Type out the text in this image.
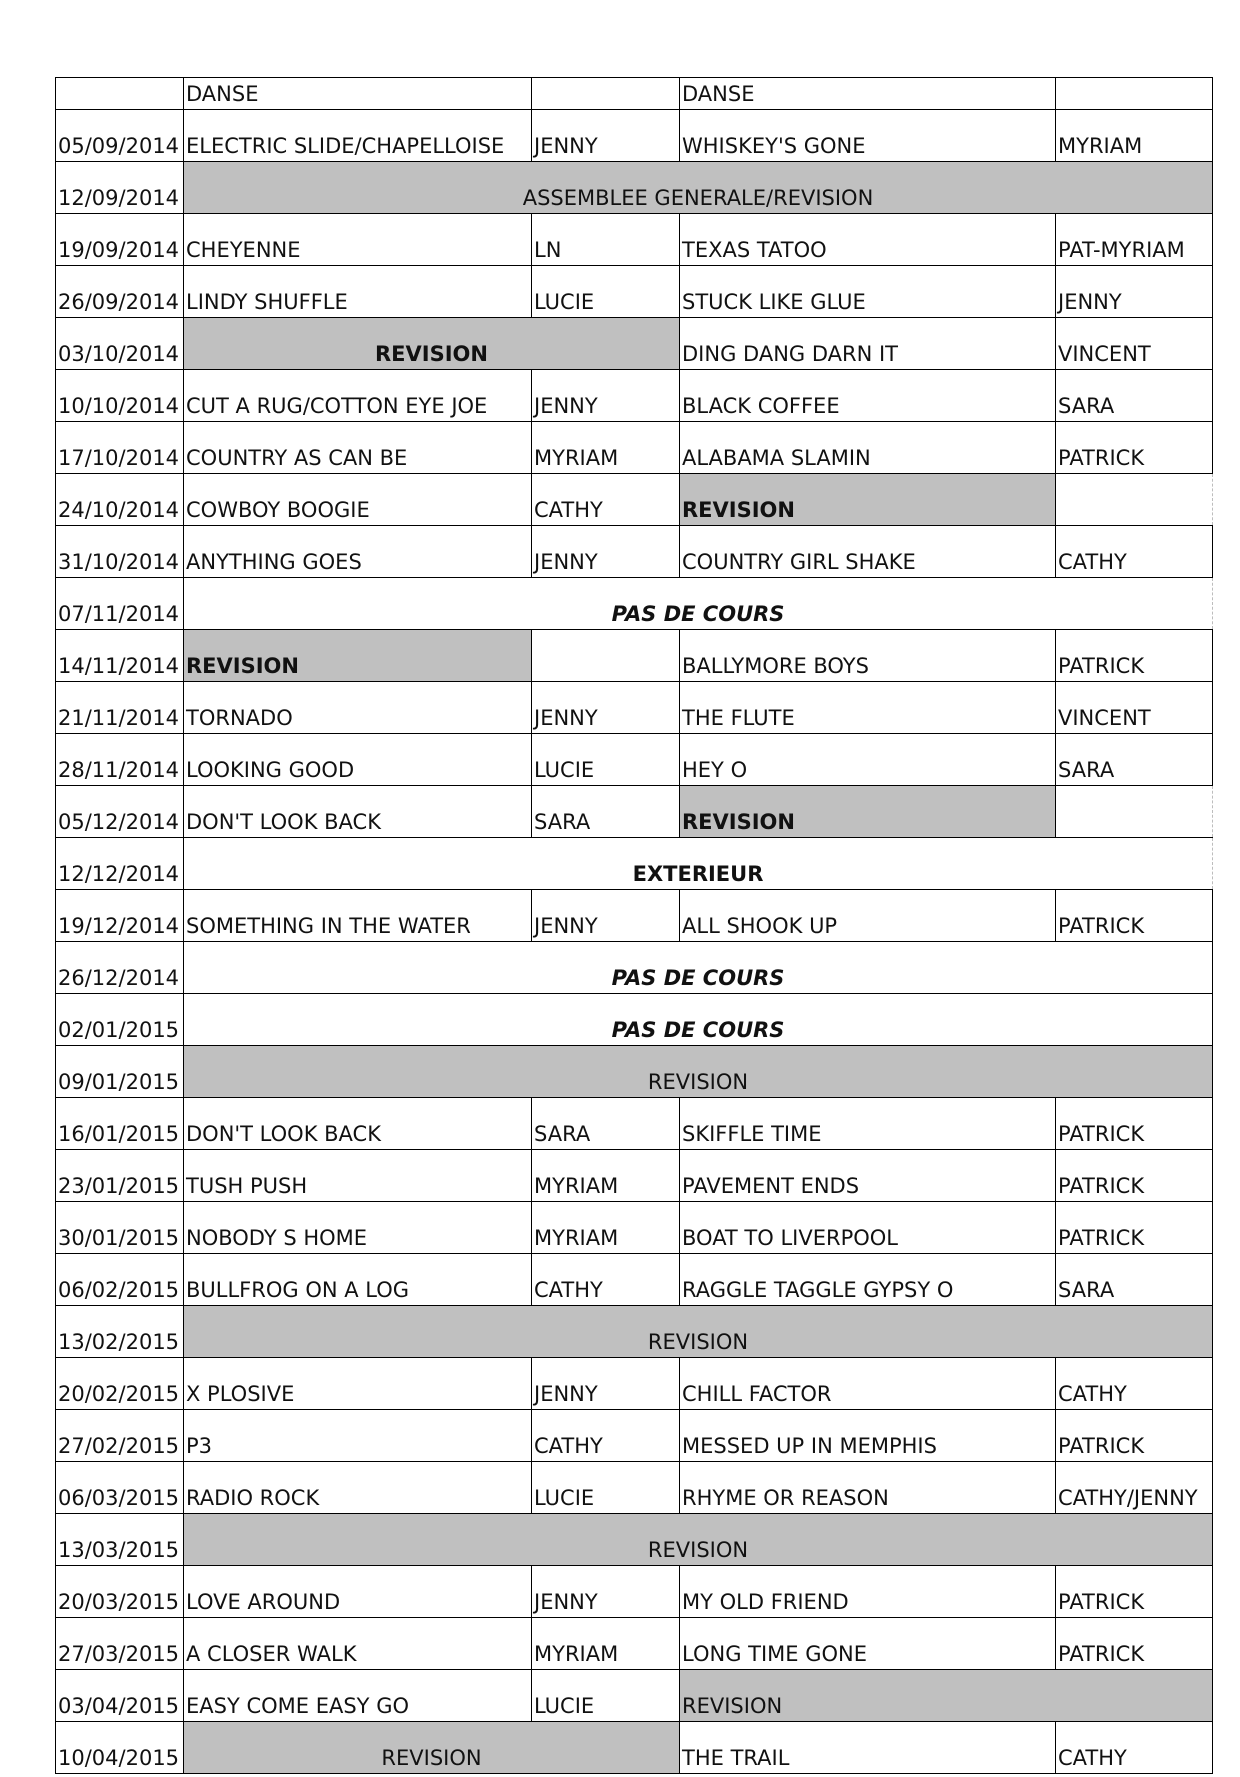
	DANSE		DANSE	
05/09/2014	ELECTRIC SLIDE/CHAPELLOISE	JENNY	WHISKEY'S GONE	MYRIAM
12/09/2014	ASSEMBLEE GENERALE/REVISION			
19/09/2014	CHEYENNE	LN	TEXAS TATOO	PAT-MYRIAM
26/09/2014	LINDY SHUFFLE	LUCIE	STUCK LIKE GLUE	JENNY
03/10/2014	REVISION		DING DANG DARN IT	VINCENT
10/10/2014	CUT A RUG/COTTON EYE JOE	JENNY	BLACK COFFEE	SARA
17/10/2014	COUNTRY AS CAN BE	MYRIAM	ALABAMA SLAMIN	PATRICK
24/10/2014	COWBOY BOOGIE	CATHY	REVISION	
31/10/2014	ANYTHING GOES	JENNY	COUNTRY GIRL SHAKE	CATHY
07/11/2014	PAS DE COURS			
14/11/2014	REVISION		BALLYMORE BOYS	PATRICK
21/11/2014	TORNADO	JENNY	THE FLUTE	VINCENT
28/11/2014	LOOKING GOOD	LUCIE	HEY O	SARA
05/12/2014	DON'T LOOK BACK	SARA	REVISION	
12/12/2014	EXTERIEUR			
19/12/2014	SOMETHING IN THE WATER	JENNY	ALL SHOOK UP	PATRICK
26/12/2014	PAS DE COURS			
02/01/2015	PAS DE COURS			
09/01/2015	REVISION			
16/01/2015	DON'T LOOK BACK	SARA	SKIFFLE TIME	PATRICK
23/01/2015	TUSH PUSH	MYRIAM	PAVEMENT ENDS	PATRICK
30/01/2015	NOBODY S HOME	MYRIAM	BOAT TO LIVERPOOL	PATRICK
06/02/2015	BULLFROG ON A LOG	CATHY	RAGGLE TAGGLE GYPSY O	SARA
13/02/2015	REVISION			
20/02/2015	X PLOSIVE	JENNY	CHILL FACTOR	CATHY
27/02/2015	P3	CATHY	MESSED UP IN MEMPHIS	PATRICK
06/03/2015	RADIO ROCK	LUCIE	RHYME OR REASON	CATHY/JENNY
13/03/2015	REVISION			
20/03/2015	LOVE AROUND	JENNY	MY OLD FRIEND	PATRICK
27/03/2015	A CLOSER WALK	MYRIAM	LONG TIME GONE	PATRICK
03/04/2015	EASY COME EASY GO	LUCIE	REVISION	
10/04/2015	REVISION		THE TRAIL	CATHY
